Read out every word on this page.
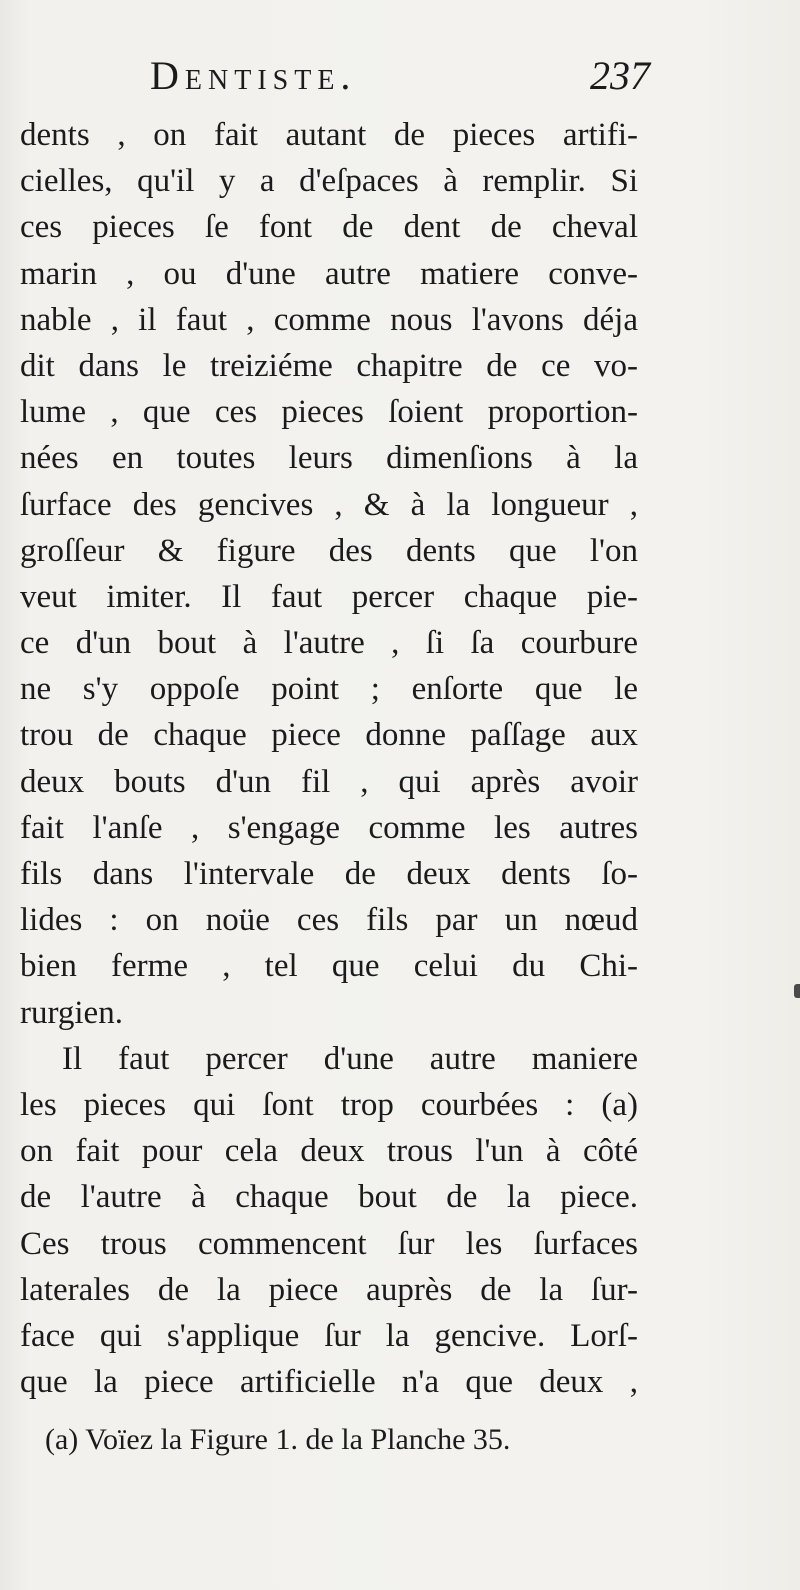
Dentiste.	237
dents , on fait autant de pieces artifi-
cielles, qu'il y a d'eſpaces à remplir. Si
ces pieces ſe font de dent de cheval
marin , ou d'une autre matiere conve-
nable , il faut , comme nous l'avons déja
dit dans le treiziéme chapitre de ce vo-
lume , que ces pieces ſoient proportion-
nées en toutes leurs dimenſions à la
ſurface des gencives , & à la longueur ,
groſſeur & figure des dents que l'on
veut imiter. Il faut percer chaque pie-
ce d'un bout à l'autre , ſi ſa courbure
ne s'y oppoſe point ; enſorte que le
trou de chaque piece donne paſſage aux
deux bouts d'un fil , qui après avoir
fait l'anſe , s'engage comme les autres
fils dans l'intervale de deux dents ſo-
lides : on noüe ces fils par un nœud
bien ferme , tel que celui du Chi-
rurgien.
Il faut percer d'une autre maniere
les pieces qui ſont trop courbées : (a)
on fait pour cela deux trous l'un à côté
de l'autre à chaque bout de la piece.
Ces trous commencent ſur les ſurfaces
laterales de la piece auprès de la ſur-
face qui s'applique ſur la gencive. Lorſ-
que la piece artificielle n'a que deux ,
(a) Voïez la Figure 1. de la Planche 35.
